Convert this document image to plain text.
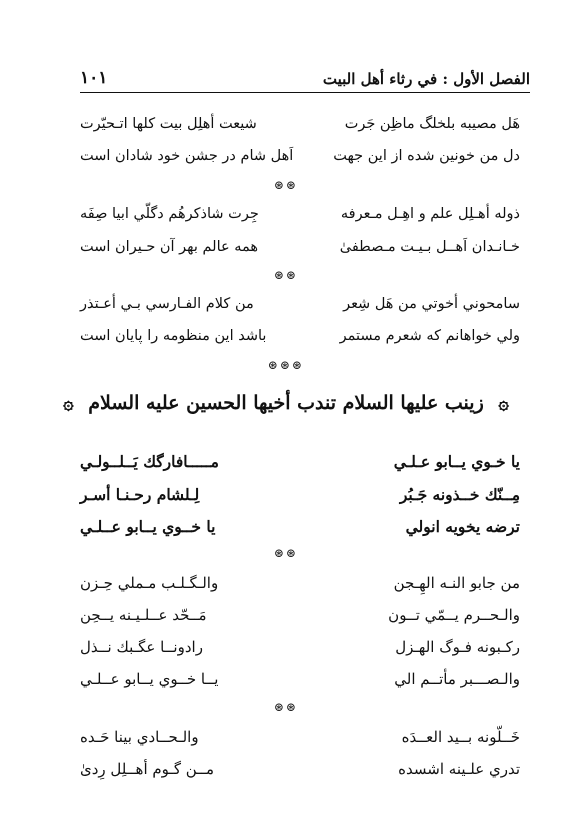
الفصل الأول : في رثاء أهل البيت
١٠١
هَل مصيبه بلخلگ ماظِن جَرت
شيعت أهلِل بيت كلها اتـحيّرت
دل من خونين شده از اين جهت
اَهل شام در جشن خود شادان است
⊛⊛
ذوله أهـلِل علم و اهِـل مـعرفه
جِرت شاذكرهُم دگلّي ابيا صِفَه
خـانـدان اَهــل بـيـت مـصطفیٰ
همه عالم بهر آن حـيران است
⊛⊛
سامحوني أخوتي من هَل شِعر
من كلام الفـارسي بـي أعـتذر
ولي خواهانم كه شعرم مستمر
باشد اين منظومه را پايان است
⊛⊛⊛
۞ زينب عليها السلام تندب أخيها الحسين عليه السلام ۞
يا خـوي يــابو عـلـي
مـــــافارگك يَــلــولـي
مِــنّك خــذونه جَـبُر
لِـلشام رحـنـا أسـر
ترضه يخويه انولي
يا خــوي يــابو عــلـي
⊛⊛
من جابو النـه الهِـجن
والـگـلـب مـملي حِـزن
والـحــرم يــمّي تــون
مَــحّد عــلـيـنه يــحِن
ركـبونه فـوگ الهـزل
رادونــا عگـبك نــذل
والـصـــبر مأتــم الي
يــا خــوي يــابو عــلـي
⊛⊛
خَــلّونه بــيد العــدَه
والـحــادي بينا حَـده
تدري علـينه اشسده
مــن گـوم أهــلِل رِدیٰ
